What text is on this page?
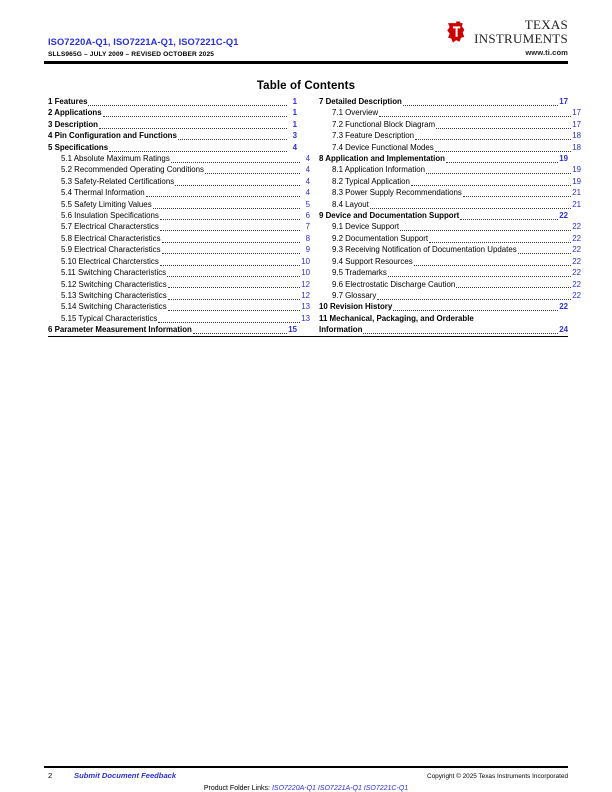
ISO7220A-Q1, ISO7221A-Q1, ISO7221C-Q1
SLLS965G – JULY 2009 – REVISED OCTOBER 2025
TEXAS
INSTRUMENTS
www.ti.com
Table of Contents
1 Features	1
2 Applications	1
3 Description	1
4 Pin Configuration and Functions	3
5 Specifications	4
5.1 Absolute Maximum Ratings	4
5.2 Recommended Operating Conditions	4
5.3 Safety-Related Certifications	4
5.4 Thermal Information	4
5.5 Safety Limiting Values	5
5.6 Insulation Specifications	6
5.7 Electrical Characterstics	7
5.8 Electrical Characteristics	8
5.9 Electrical Characteristics	9
5.10 Electrical Charcterstics	10
5.11 Switching Characteristics	10
5.12 Switching Characteristics	12
5.13 Switching Characteristics	12
5.14 Switching Characteristics	13
5.15 Typical Characteristics	13
6 Parameter Measurement Information	15
7 Detailed Description	17
7.1 Overview	17
7.2 Functional Block Diagram	17
7.3 Feature Description	18
7.4 Device Functional Modes	18
8 Application and Implementation	19
8.1 Application Information	19
8.2 Typical Application	19
8.3 Power Supply Recommendations	21
8.4 Layout	21
9 Device and Documentation Support	22
9.1 Device Support	22
9.2 Documentation Support	22
9.3 Receiving Notification of Documentation Updates	22
9.4 Support Resources	22
9.5 Trademarks	22
9.6 Electrostatic Discharge Caution	22
9.7 Glossary	22
10 Revision History	22
11 Mechanical, Packaging, and Orderable
Information	24
2	Submit Document Feedback	Copyright © 2025 Texas Instruments Incorporated
Product Folder Links: ISO7220A-Q1 ISO7221A-Q1 ISO7221C-Q1
